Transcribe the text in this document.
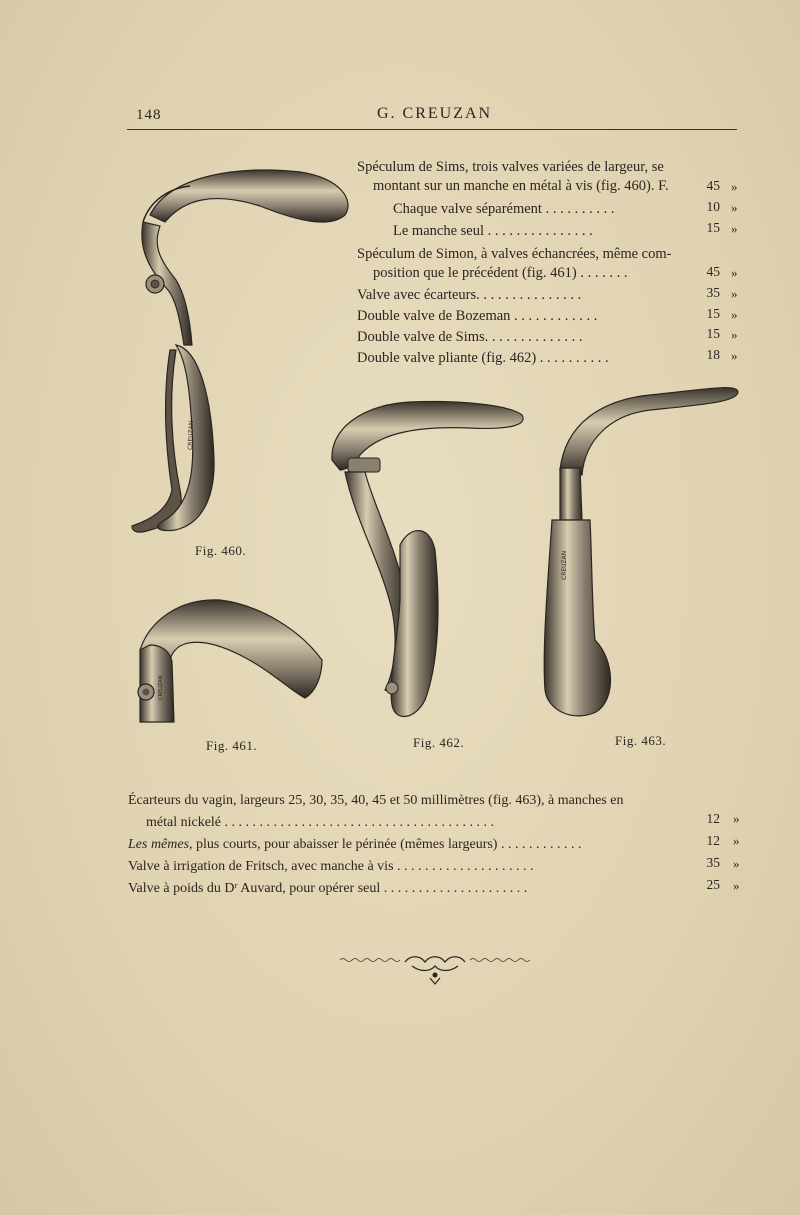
148	G. CREUZAN
Spéculum de Sims, trois valves variées de largeur, se
montant sur un manche en métal à vis (fig. 460). F.	45 »
Chaque valve séparément . . . . . . . . . .	10 »
Le manche seul . . . . . . . . . . . . . . .	15 »
Spéculum de Simon, à valves échancrées, même com-
position que le précédent (fig. 461) . . . . . . .	45 »
Valve avec écarteurs. . . . . . . . . . . . . . .	35 »
Double valve de Bozeman . . . . . . . . . . . .	15 »
Double valve de Sims. . . . . . . . . . . . . .	15 »
Double valve pliante (fig. 462) . . . . . . . . . .	18 »
CREUZAN
Fig. 460.
CREUZAN
Fig. 461.	Fig. 462.
CREUZAN
Fig. 463.
Écarteurs du vagin, largeurs 25, 30, 35, 40, 45 et 50 millimètres (fig. 463), à manches en
métal nickelé . . . . . . . . . . . . . . . . . . . . . . . . . . . . . . . . . . . . . . .	12 »
Les mêmes, plus courts, pour abaisser le périnée (mêmes largeurs) . . . . . . . . . . . .	12 »
Valve à irrigation de Fritsch, avec manche à vis . . . . . . . . . . . . . . . . . . . .	35 »
Valve à poids du Dʳ Auvard, pour opérer seul . . . . . . . . . . . . . . . . . . . . .	25 »
